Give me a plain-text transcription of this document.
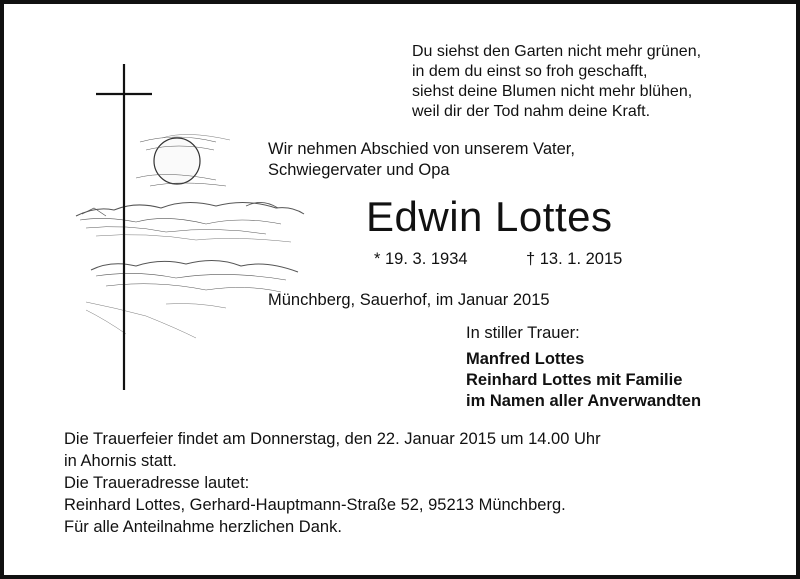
Du siehst den Garten nicht mehr grünen,
in dem du einst so froh geschafft,
siehst deine Blumen nicht mehr blühen,
weil dir der Tod nahm deine Kraft.
Wir nehmen Abschied von unserem Vater,
Schwiegervater und Opa
Edwin Lottes
* 19. 3. 1934	† 13. 1. 2015
Münchberg, Sauerhof, im Januar 2015
In stiller Trauer:
Manfred Lottes
Reinhard Lottes mit Familie
im Namen aller Anverwandten
Die Trauerfeier findet am Donnerstag, den 22. Januar 2015 um 14.00 Uhr
in Ahornis statt.
Die Traueradresse lautet:
Reinhard Lottes, Gerhard-Hauptmann-Straße 52, 95213 Münchberg.
Für alle Anteilnahme herzlichen Dank.
